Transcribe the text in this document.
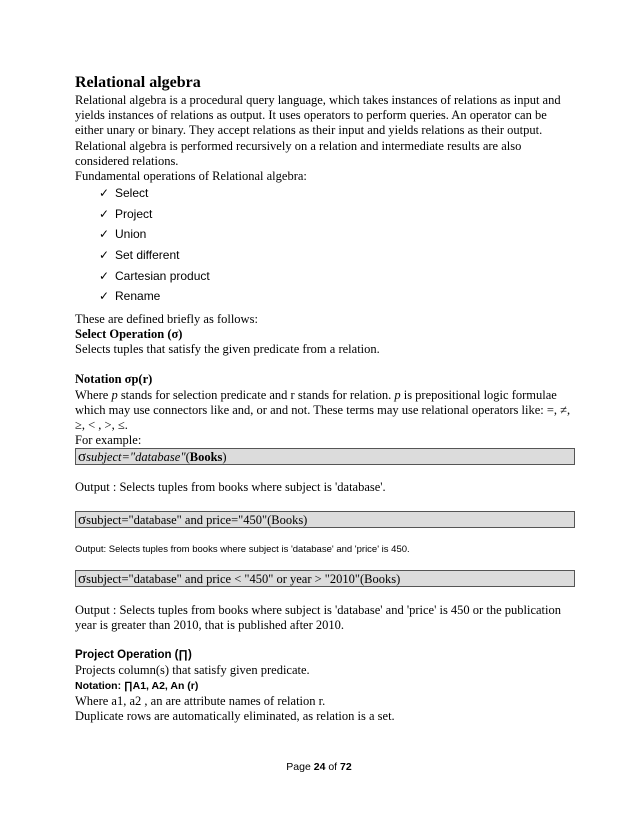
Relational algebra

Relational algebra is a procedural query language, which takes instances of relations as input and yields instances of relations as output. It uses operators to perform queries. An operator can be either unary or binary. They accept relations as their input and yields relations as their output. Relational algebra is performed recursively on a relation and intermediate results are also considered relations.

Fundamental operations of Relational algebra:

✓ Select
✓ Project
✓ Union
✓ Set different
✓ Cartesian product
✓ Rename

These are defined briefly as follows:

Select Operation (σ)

Selects tuples that satisfy the given predicate from a relation.

Notation σp(r)

Where p stands for selection predicate and r stands for relation. p is prepositional logic formulae which may use connectors like and, or and not. These terms may use relational operators like: =, ≠, ≥, < , >, ≤.

For example:

σsubject="database"(Books)

Output : Selects tuples from books where subject is 'database'.

σsubject="database" and price="450"(Books)

Output: Selects tuples from books where subject is 'database' and 'price' is 450.

σsubject="database" and price < "450" or year > "2010"(Books)

Output : Selects tuples from books where subject is 'database' and 'price' is 450 or the publication year is greater than 2010, that is published after 2010.

Project Operation (∏)

Projects column(s) that satisfy given predicate.

Notation: ∏A1, A2, An (r)

Where a1, a2 , an are attribute names of relation r.

Duplicate rows are automatically eliminated, as relation is a set.

Page 24 of 72
